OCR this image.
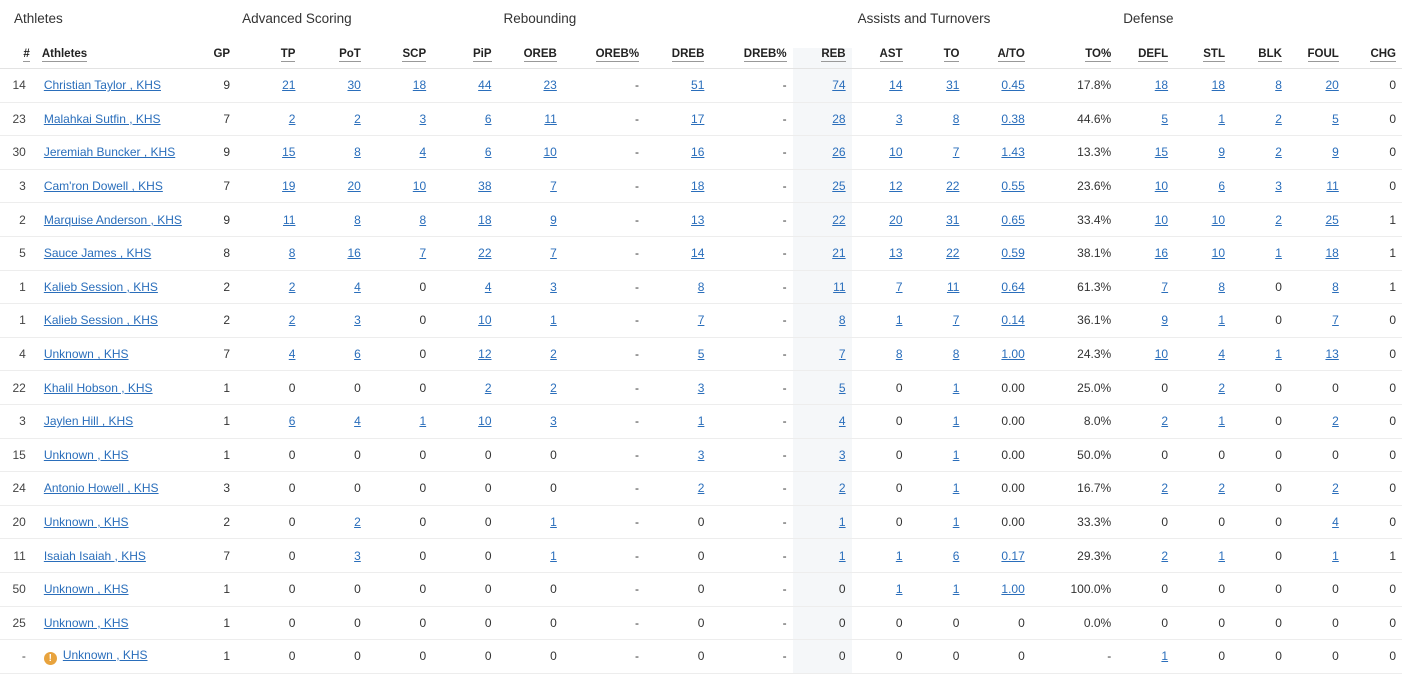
Athletes			Advanced Scoring				Rebounding					Assists and Turnovers				Defense				
#	Athletes	GP	TP	PoT	SCP	PiP	OREB	OREB%	DREB	DREB%	REB	AST	TO	A/TO	TO%	DEFL	STL	BLK	FOUL	CHG
14	Christian Taylor , KHS	9	21	30	18	44	23	-	51	-	74	14	31	0.45	17.8%	18	18	8	20	0
23	Malahkai Sutfin , KHS	7	2	2	3	6	11	-	17	-	28	3	8	0.38	44.6%	5	1	2	5	0
30	Jeremiah Buncker , KHS	9	15	8	4	6	10	-	16	-	26	10	7	1.43	13.3%	15	9	2	9	0
3	Cam'ron Dowell , KHS	7	19	20	10	38	7	-	18	-	25	12	22	0.55	23.6%	10	6	3	11	0
2	Marquise Anderson , KHS	9	11	8	8	18	9	-	13	-	22	20	31	0.65	33.4%	10	10	2	25	1
5	Sauce James , KHS	8	8	16	7	22	7	-	14	-	21	13	22	0.59	38.1%	16	10	1	18	1
1	Kalieb Session , KHS	2	2	4	0	4	3	-	8	-	11	7	11	0.64	61.3%	7	8	0	8	1
1	Kalieb Session , KHS	2	2	3	0	10	1	-	7	-	8	1	7	0.14	36.1%	9	1	0	7	0
4	Unknown , KHS	7	4	6	0	12	2	-	5	-	7	8	8	1.00	24.3%	10	4	1	13	0
22	Khalil Hobson , KHS	1	0	0	0	2	2	-	3	-	5	0	1	0.00	25.0%	0	2	0	0	0
3	Jaylen Hill , KHS	1	6	4	1	10	3	-	1	-	4	0	1	0.00	8.0%	2	1	0	2	0
15	Unknown , KHS	1	0	0	0	0	0	-	3	-	3	0	1	0.00	50.0%	0	0	0	0	0
24	Antonio Howell , KHS	3	0	0	0	0	0	-	2	-	2	0	1	0.00	16.7%	2	2	0	2	0
20	Unknown , KHS	2	0	2	0	0	1	-	0	-	1	0	1	0.00	33.3%	0	0	0	4	0
11	Isaiah Isaiah , KHS	7	0	3	0	0	1	-	0	-	1	1	6	0.17	29.3%	2	1	0	1	1
50	Unknown , KHS	1	0	0	0	0	0	-	0	-	0	1	1	1.00	100.0%	0	0	0	0	0
25	Unknown , KHS	1	0	0	0	0	0	-	0	-	0	0	0	0	0.0%	0	0	0	0	0
-	! Unknown , KHS	1	0	0	0	0	0	-	0	-	0	0	0	0	-	1	0	0	0	0
